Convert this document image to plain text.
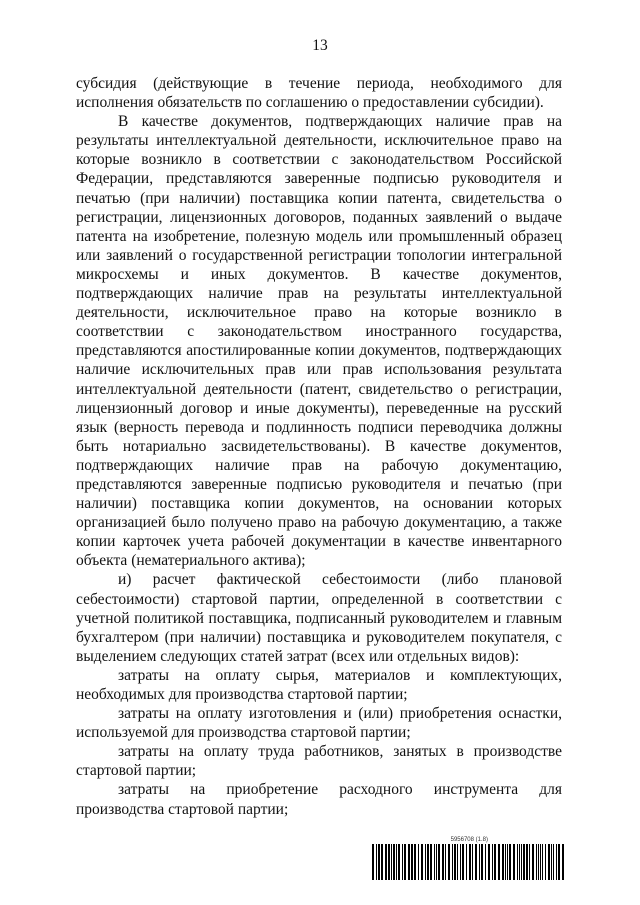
13

субсидия (действующие в течение периода, необходимого для исполнения обязательств по соглашению о предоставлении субсидии).

В качестве документов, подтверждающих наличие прав на результаты интеллектуальной деятельности, исключительное право на которые возникло в соответствии с законодательством Российской Федерации, представляются заверенные подписью руководителя и печатью (при наличии) поставщика копии патента, свидетельства о регистрации, лицензионных договоров, поданных заявлений о выдаче патента на изобретение, полезную модель или промышленный образец или заявлений о государственной регистрации топологии интегральной микросхемы и иных документов. В качестве документов, подтверждающих наличие прав на результаты интеллектуальной деятельности, исключительное право на которые возникло в соответствии с законодательством иностранного государства, представляются апостилированные копии документов, подтверждающих наличие исключительных прав или прав использования результата интеллектуальной деятельности (патент, свидетельство о регистрации, лицензионный договор и иные документы), переведенные на русский язык (верность перевода и подлинность подписи переводчика должны быть нотариально засвидетельствованы). В качестве документов, подтверждающих наличие прав на рабочую документацию, представляются заверенные подписью руководителя и печатью (при наличии) поставщика копии документов, на основании которых организацией было получено право на рабочую документацию, а также копии карточек учета рабочей документации в качестве инвентарного объекта (нематериального актива);

и) расчет фактической себестоимости (либо плановой себестоимости) стартовой партии, определенной в соответствии с учетной политикой поставщика, подписанный руководителем и главным бухгалтером (при наличии) поставщика и руководителем покупателя, с выделением следующих статей затрат (всех или отдельных видов):

затраты на оплату сырья, материалов и комплектующих, необходимых для производства стартовой партии;

затраты на оплату изготовления и (или) приобретения оснастки, используемой для производства стартовой партии;

затраты на оплату труда работников, занятых в производстве стартовой партии;

затраты на приобретение расходного инструмента для производства стартовой партии;

5956708 (1.8)
